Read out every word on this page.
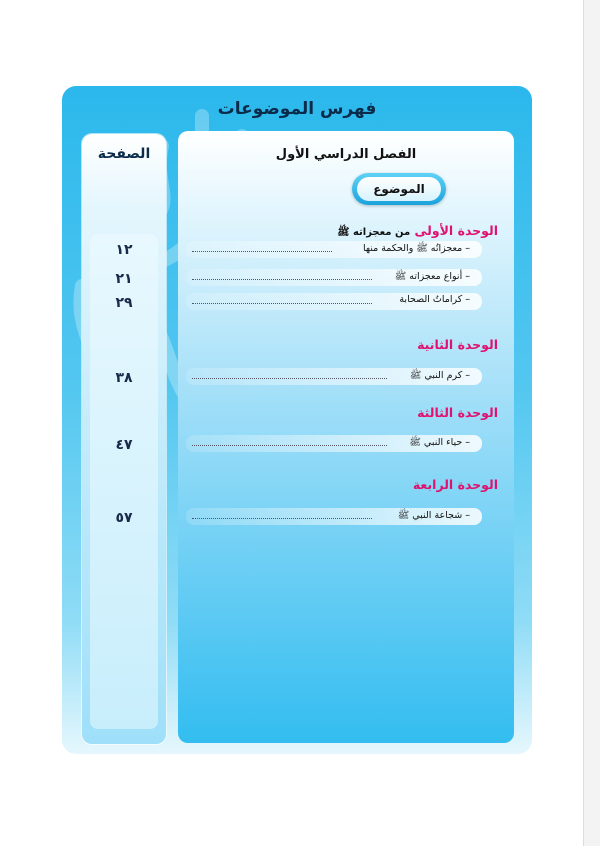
فهرس الموضوعات
الصفحة
١٢
٢١
٢٩
٣٨
٤٧
٥٧
الفصل الدراسي الأول
الموضوع
الوحدة الأولى من معجزاته ﷺ
– معجزاتُه ﷺ والحكمة منها
– أنواع معجزاته ﷺ
– كراماتُ الصحابة
الوحدة الثانية
– كرم النبي ﷺ
الوحدة الثالثة
– حياء النبي ﷺ
الوحدة الرابعة
– شجاعة النبي ﷺ
